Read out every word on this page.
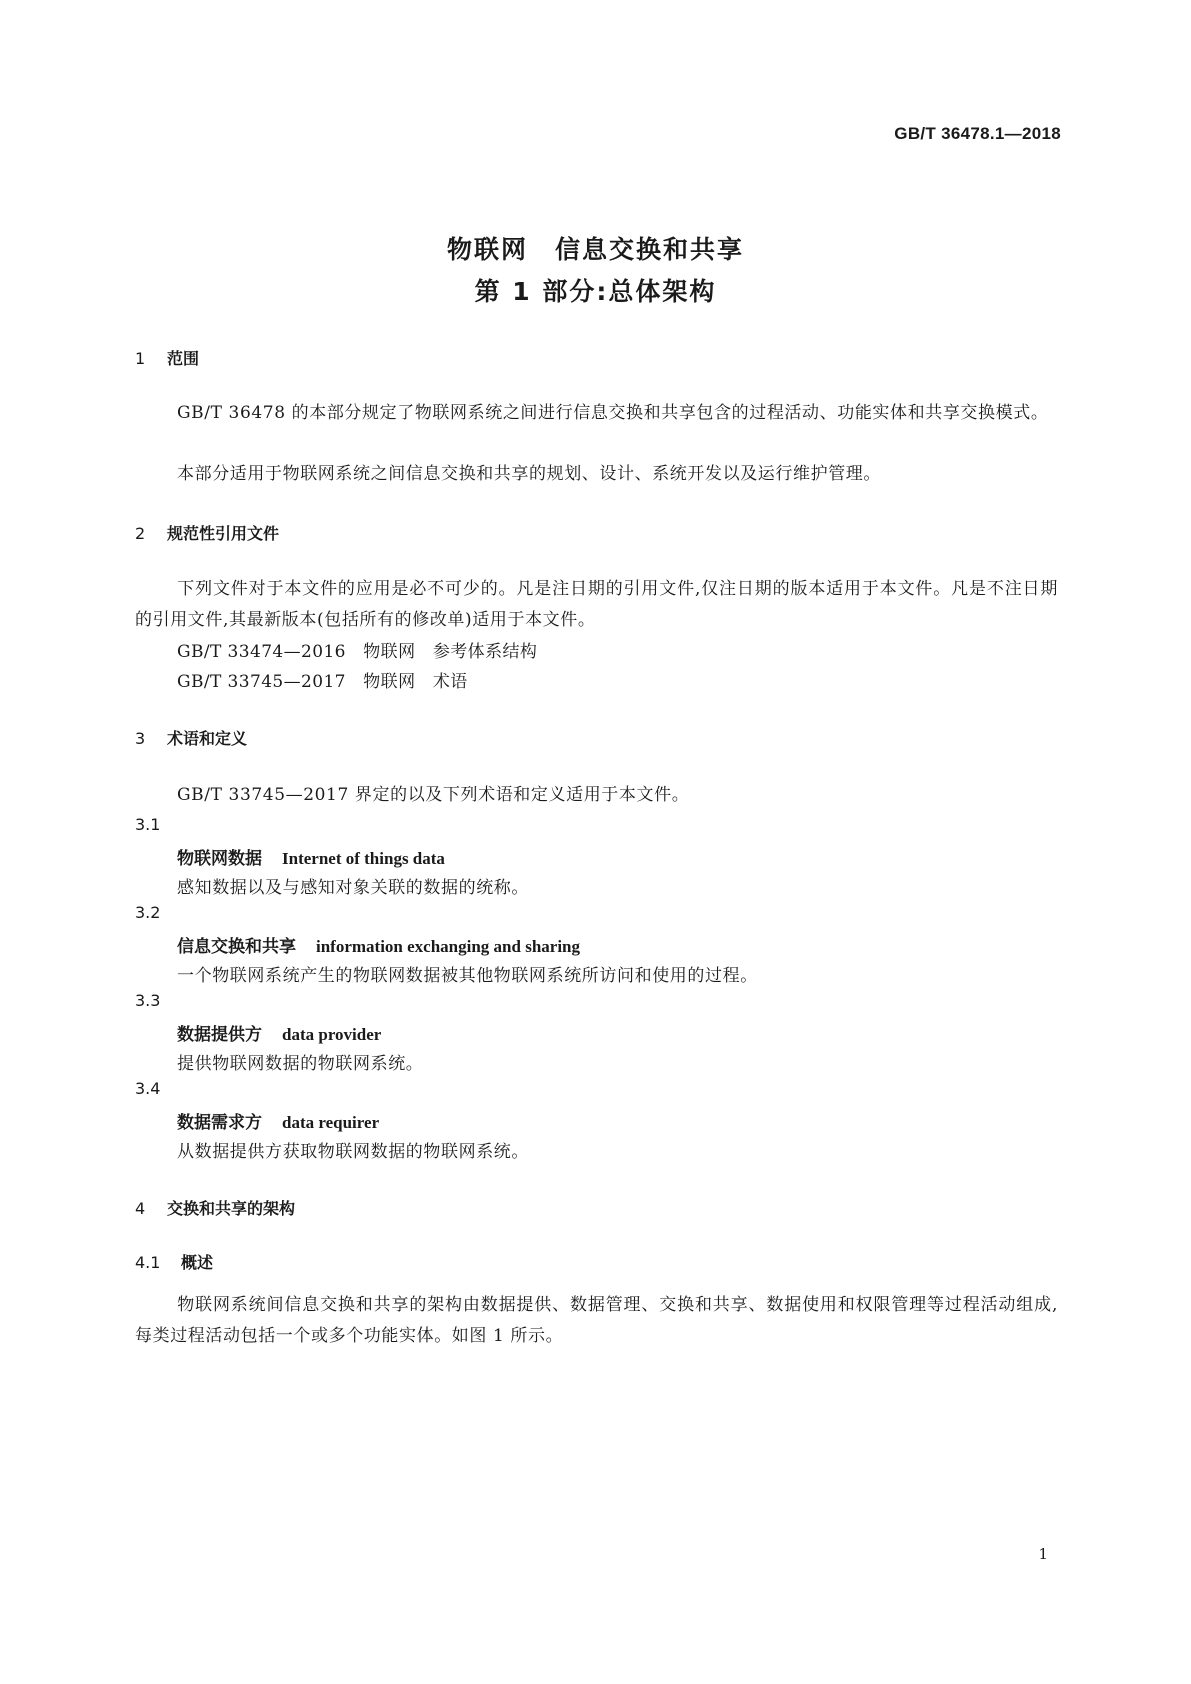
GB/T 36478.1—2018

物联网　信息交换和共享
第 1 部分:总体架构
1 范围

GB/T 36478 的本部分规定了物联网系统之间进行信息交换和共享包含的过程活动、功能实体和共享交换模式。

本部分适用于物联网系统之间信息交换和共享的规划、设计、系统开发以及运行维护管理。

2 规范性引用文件

下列文件对于本文件的应用是必不可少的。凡是注日期的引用文件,仅注日期的版本适用于本文件。凡是不注日期的引用文件,其最新版本(包括所有的修改单)适用于本文件。

GB/T 33474—2016　物联网　参考体系结构

GB/T 33745—2017　物联网　术语

3 术语和定义

GB/T 33745—2017 界定的以及下列术语和定义适用于本文件。

3.1

物联网数据 Internet of things data

感知数据以及与感知对象关联的数据的统称。

3.2

信息交换和共享 information exchanging and sharing

一个物联网系统产生的物联网数据被其他物联网系统所访问和使用的过程。

3.3

数据提供方 data provider

提供物联网数据的物联网系统。

3.4

数据需求方 data requirer

从数据提供方获取物联网数据的物联网系统。

4 交换和共享的架构
4.1 概述

物联网系统间信息交换和共享的架构由数据提供、数据管理、交换和共享、数据使用和权限管理等过程活动组成,每类过程活动包括一个或多个功能实体。如图 1 所示。

1
